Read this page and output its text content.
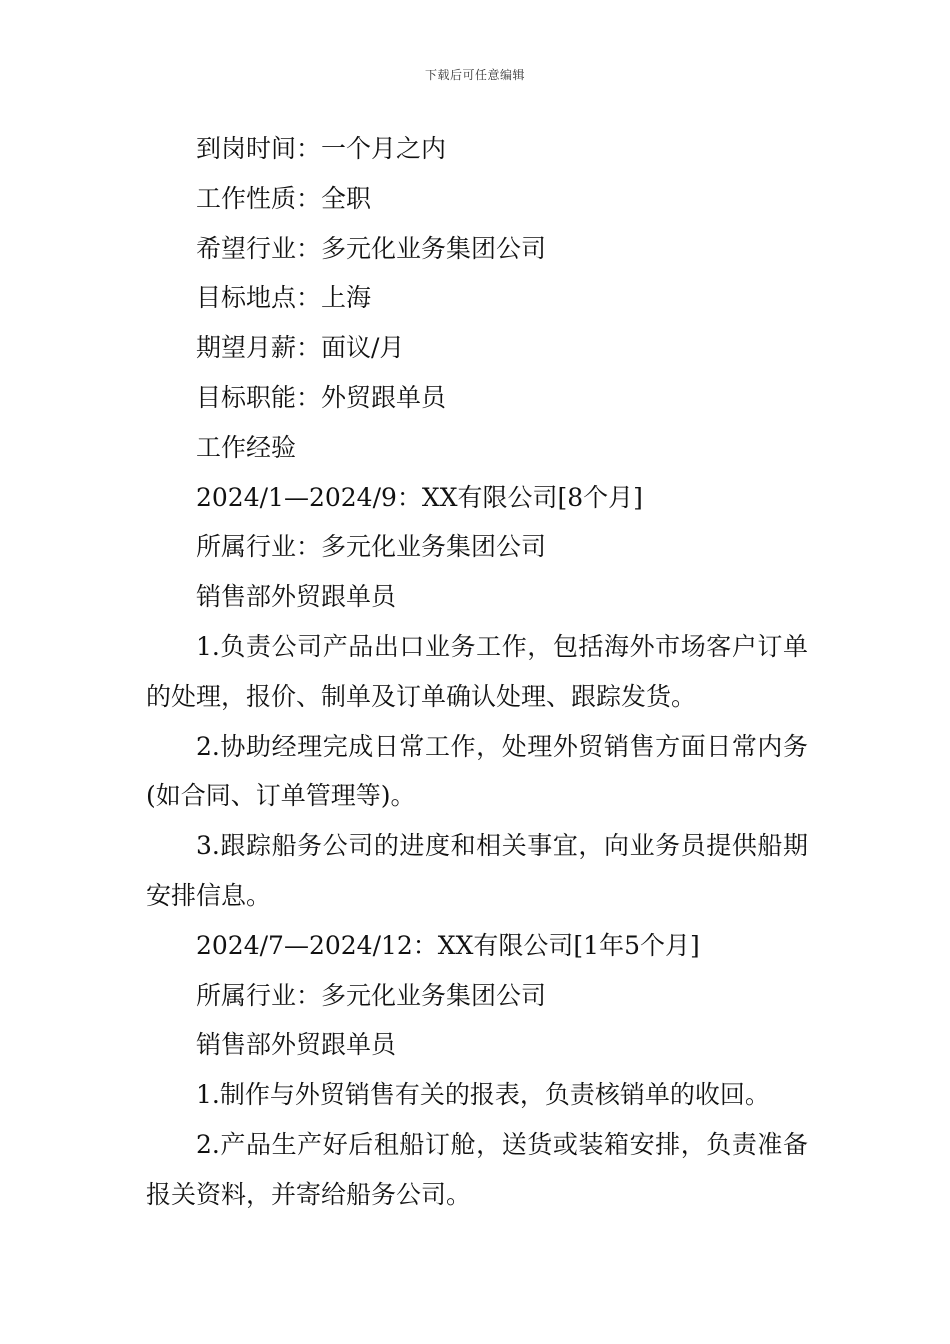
下载后可任意编辑
到岗时间：一个月之内
工作性质：全职
希望行业：多元化业务集团公司
目标地点：上海
期望月薪：面议/月
目标职能：外贸跟单员
工作经验
2024/1—2024/9：XX有限公司[8个月]
所属行业：多元化业务集团公司
销售部外贸跟单员

1.负责公司产品出口业务工作，包括海外市场客户订单的处理，报价、制单及订单确认处理、跟踪发货。

2.协助经理完成日常工作，处理外贸销售方面日常内务(如合同、订单管理等)。

3.跟踪船务公司的进度和相关事宜，向业务员提供船期安排信息。

2024/7—2024/12：XX有限公司[1年5个月]
所属行业：多元化业务集团公司
销售部外贸跟单员

1.制作与外贸销售有关的报表，负责核销单的收回。

2.产品生产好后租船订舱，送货或装箱安排，负责准备报关资料，并寄给船务公司。
